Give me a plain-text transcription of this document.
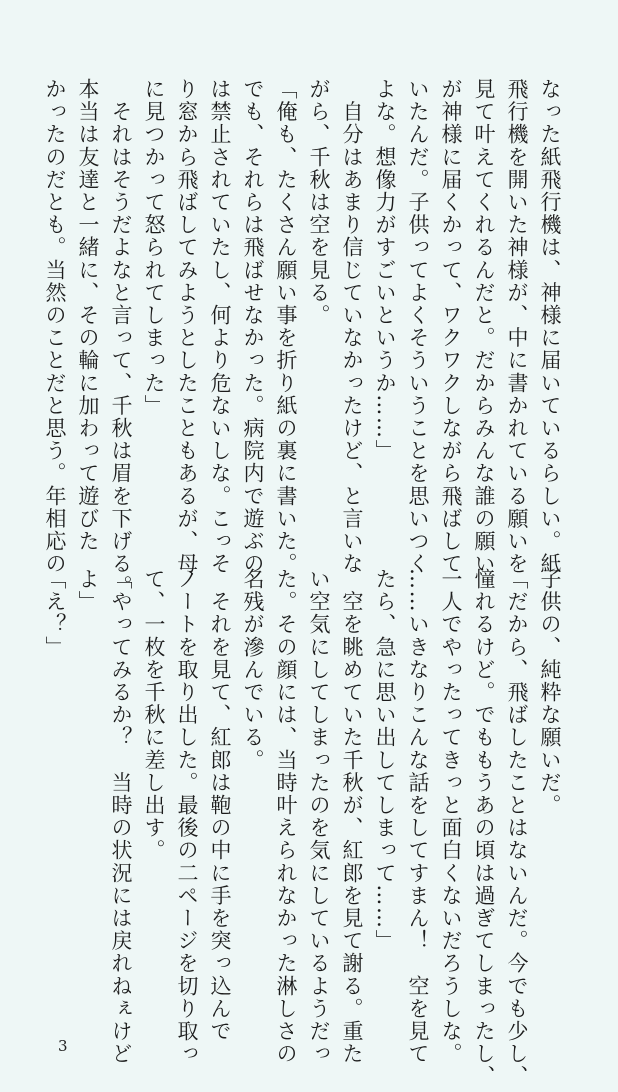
なった紙飛行機は、神様に届いているらしい。紙
飛行機を開いた神様が、中に書かれている願いを
見て叶えてくれるんだと。だからみんな誰の願い
が神様に届くかって、ワクワクしながら飛ばして
いたんだ。子供ってよくそういうことを思いつく
よな。想像力がすごいというか……」
　自分はあまり信じていなかったけど、と言いな
がら、千秋は空を見る。
「俺も、たくさん願い事を折り紙の裏に書いた。
でも、それらは飛ばせなかった。病院内で遊ぶの
は禁止されていたし、何より危ないしな。こっそ
り窓から飛ばしてみようとしたこともあるが、母
に見つかって怒られてしまった」
　それはそうだよなと言って、千秋は眉を下げる。
本当は友達と一緒に、その輪に加わって遊びた
かったのだとも。当然のことだと思う。年相応の
子供の、純粋な願いだ。
「だから、飛ばしたことはないんだ。今でも少し、
憧れるけど。でももうあの頃は過ぎてしまったし、
一人でやったってきっと面白くないだろうしな。
……いきなりこんな話をしてすまん！　空を見て
たら、急に思い出してしまって……」
　空を眺めていた千秋が、紅郎を見て謝る。重た
い空気にしてしまったのを気にしているようだっ
た。その顔には、当時叶えられなかった淋しさの
名残が滲んでいる。
　それを見て、紅郎は鞄の中に手を突っ込んで
ノートを取り出した。最後の二ページを切り取っ
て、一枚を千秋に差し出す。
「やってみるか？　当時の状況には戻れねぇけど
よ」
「え？」
3
